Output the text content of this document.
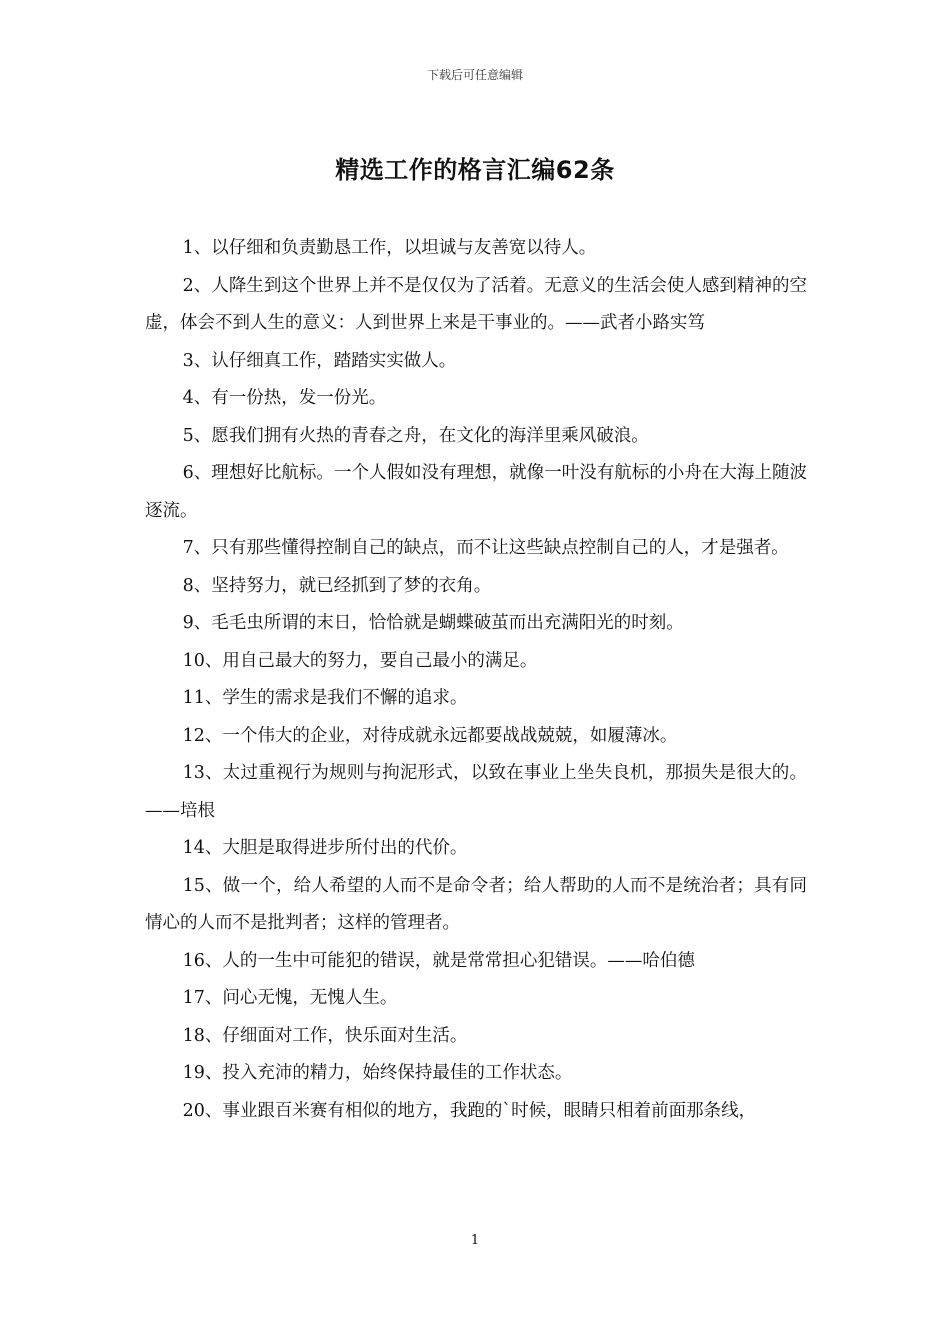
下载后可任意编辑
精选工作的格言汇编62条

1、以仔细和负责勤恳工作，以坦诚与友善宽以待人。

2、人降生到这个世界上并不是仅仅为了活着。无意义的生活会使人感到精神的空虚，体会不到人生的意义：人到世界上来是干事业的。——武者小路实笃

3、认仔细真工作，踏踏实实做人。

4、有一份热，发一份光。

5、愿我们拥有火热的青春之舟，在文化的海洋里乘风破浪。

6、理想好比航标。一个人假如没有理想，就像一叶没有航标的小舟在大海上随波逐流。

7、只有那些懂得控制自己的缺点，而不让这些缺点控制自己的人，才是强者。

8、坚持努力，就已经抓到了梦的衣角。

9、毛毛虫所谓的末日，恰恰就是蝴蝶破茧而出充满阳光的时刻。

10、用自己最大的努力，要自己最小的满足。

11、学生的需求是我们不懈的追求。

12、一个伟大的企业，对待成就永远都要战战兢兢，如履薄冰。

13、太过重视行为规则与拘泥形式，以致在事业上坐失良机，那损失是很大的。——培根

14、大胆是取得进步所付出的代价。

15、做一个，给人希望的人而不是命令者；给人帮助的人而不是统治者；具有同情心的人而不是批判者；这样的管理者。

16、人的一生中可能犯的错误，就是常常担心犯错误。——哈伯德

17、问心无愧，无愧人生。

18、仔细面对工作，快乐面对生活。

19、投入充沛的精力，始终保持最佳的工作状态。

20、事业跟百米赛有相似的地方，我跑的`时候，眼睛只相着前面那条线，

1
